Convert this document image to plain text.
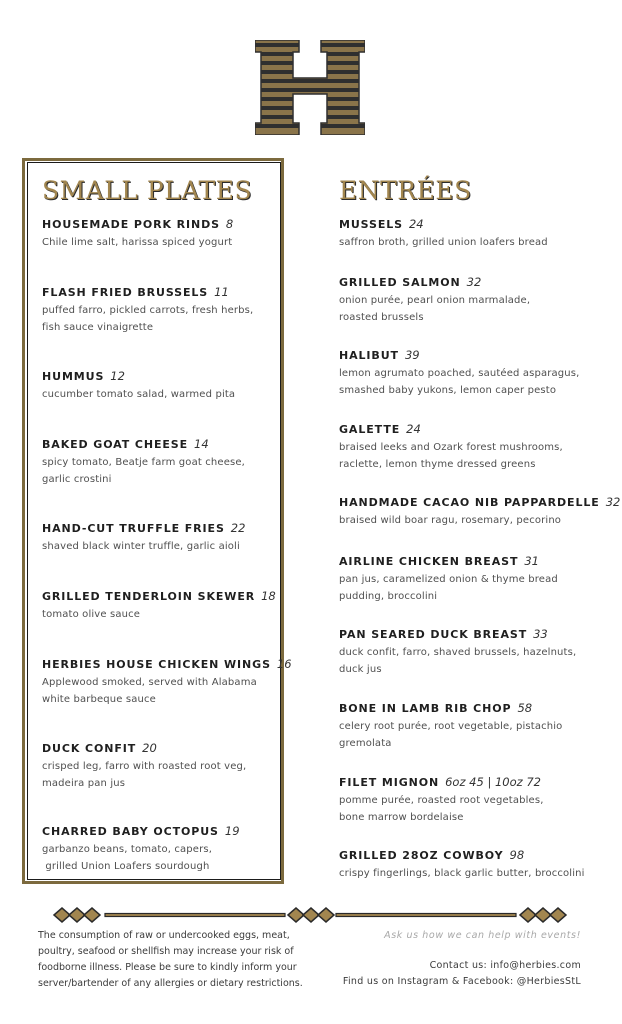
SMALL PLATES	ENTRÉES
HOUSEMADE PORK RINDS 8
Chile lime salt, harissa spiced yogurt
FLASH FRIED BRUSSELS 11
puffed farro, pickled carrots, fresh herbs,
fish sauce vinaigrette
HUMMUS 12
cucumber tomato salad, warmed pita
BAKED GOAT CHEESE 14
spicy tomato, Beatje farm goat cheese,
garlic crostini
HAND-CUT TRUFFLE FRIES 22
shaved black winter truffle, garlic aioli
GRILLED TENDERLOIN SKEWER 18
tomato olive sauce
HERBIES HOUSE CHICKEN WINGS 16
Applewood smoked, served with Alabama
white barbeque sauce
DUCK CONFIT 20
crisped leg, farro with roasted root veg,
madeira pan jus
CHARRED BABY OCTOPUS 19
garbanzo beans, tomato, capers,
grilled Union Loafers sourdough
MUSSELS 24
saffron broth, grilled union loafers bread
GRILLED SALMON 32
onion purée, pearl onion marmalade,
roasted brussels
HALIBUT 39
lemon agrumato poached, sautéed asparagus,
smashed baby yukons, lemon caper pesto
GALETTE 24
braised leeks and Ozark forest mushrooms,
raclette, lemon thyme dressed greens
HANDMADE CACAO NIB PAPPARDELLE 32
braised wild boar ragu, rosemary, pecorino
AIRLINE CHICKEN BREAST 31
pan jus, caramelized onion & thyme bread
pudding, broccolini
PAN SEARED DUCK BREAST 33
duck confit, farro, shaved brussels, hazelnuts,
duck jus
BONE IN LAMB RIB CHOP 58
celery root purée, root vegetable, pistachio
gremolata
FILET MIGNON 6oz 45 | 10oz 72
pomme purée, roasted root vegetables,
bone marrow bordelaise
GRILLED 28OZ COWBOY 98
crispy fingerlings, black garlic butter, broccolini
The consumption of raw or undercooked eggs, meat,
poultry, seafood or shellfish may increase your risk of
foodborne illness. Please be sure to kindly inform your
server/bartender of any allergies or dietary restrictions.
Ask us how we can help with events!
Contact us: info@herbies.com
Find us on Instagram & Facebook: @HerbiesStL
